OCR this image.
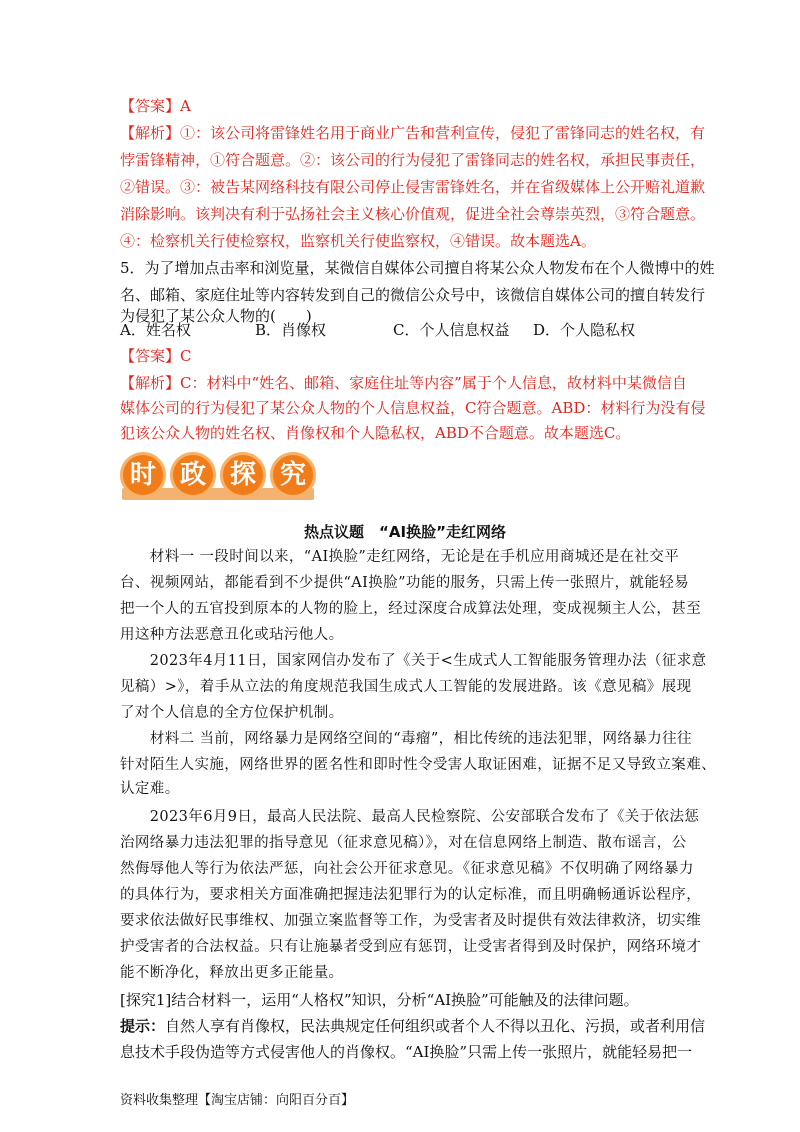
【答案】A
【解析】①：该公司将雷锋姓名用于商业广告和营利宣传，侵犯了雷锋同志的姓名权，有
悖雷锋精神，①符合题意。②：该公司的行为侵犯了雷锋同志的姓名权，承担民事责任，
②错误。③：被告某网络科技有限公司停止侵害雷锋姓名，并在省级媒体上公开赔礼道歉
消除影响。该判决有利于弘扬社会主义核心价值观，促进全社会尊崇英烈，③符合题意。
④：检察机关行使检察权，监察机关行使监察权，④错误。故本题选A。
5．为了增加点击率和浏览量，某微信自媒体公司擅自将某公众人物发布在个人微博中的姓
名、邮箱、家庭住址等内容转发到自己的微信公众号中，该微信自媒体公司的擅自转发行
为侵犯了某公众人物的(　　)
A．姓名权	B．肖像权	C．个人信息权益 D．个人隐私权
【答案】C
【解析】C：材料中“姓名、邮箱、家庭住址等内容”属于个人信息，故材料中某微信自
媒体公司的行为侵犯了某公众人物的个人信息权益，C符合题意。ABD：材料行为没有侵
犯该公众人物的姓名权、肖像权和个人隐私权，ABD不合题意。故本题选C。
时 政 探 究
热点议题　“AI换脸”走红网络
　　材料一 一段时间以来，“AI换脸”走红网络，无论是在手机应用商城还是在社交平
台、视频网站，都能看到不少提供“AI换脸”功能的服务，只需上传一张照片，就能轻易
把一个人的五官投到原本的人物的脸上，经过深度合成算法处理，变成视频主人公，甚至
用这种方法恶意丑化或玷污他人。
　　2023年4月11日，国家网信办发布了《关于<生成式人工智能服务管理办法（征求意
见稿）>》，着手从立法的角度规范我国生成式人工智能的发展进路。该《意见稿》展现
了对个人信息的全方位保护机制。
　　材料二 当前，网络暴力是网络空间的“毒瘤”，相比传统的违法犯罪，网络暴力往往
针对陌生人实施，网络世界的匿名性和即时性令受害人取证困难，证据不足又导致立案难、
认定难。
　　2023年6月9日，最高人民法院、最高人民检察院、公安部联合发布了《关于依法惩
治网络暴力违法犯罪的指导意见（征求意见稿）》，对在信息网络上制造、散布谣言，公
然侮辱他人等行为依法严惩，向社会公开征求意见。《征求意见稿》不仅明确了网络暴力
的具体行为，要求相关方面准确把握违法犯罪行为的认定标准，而且明确畅通诉讼程序，
要求依法做好民事维权、加强立案监督等工作，为受害者及时提供有效法律救济，切实维
护受害者的合法权益。只有让施暴者受到应有惩罚，让受害者得到及时保护，网络环境才
能不断净化，释放出更多正能量。
[探究1]结合材料一，运用“人格权”知识，分析“AI换脸”可能触及的法律问题。
提示：自然人享有肖像权，民法典规定任何组织或者个人不得以丑化、污损，或者利用信
息技术手段伪造等方式侵害他人的肖像权。“AI换脸”只需上传一张照片，就能轻易把一
资料收集整理【淘宝店铺：向阳百分百】
